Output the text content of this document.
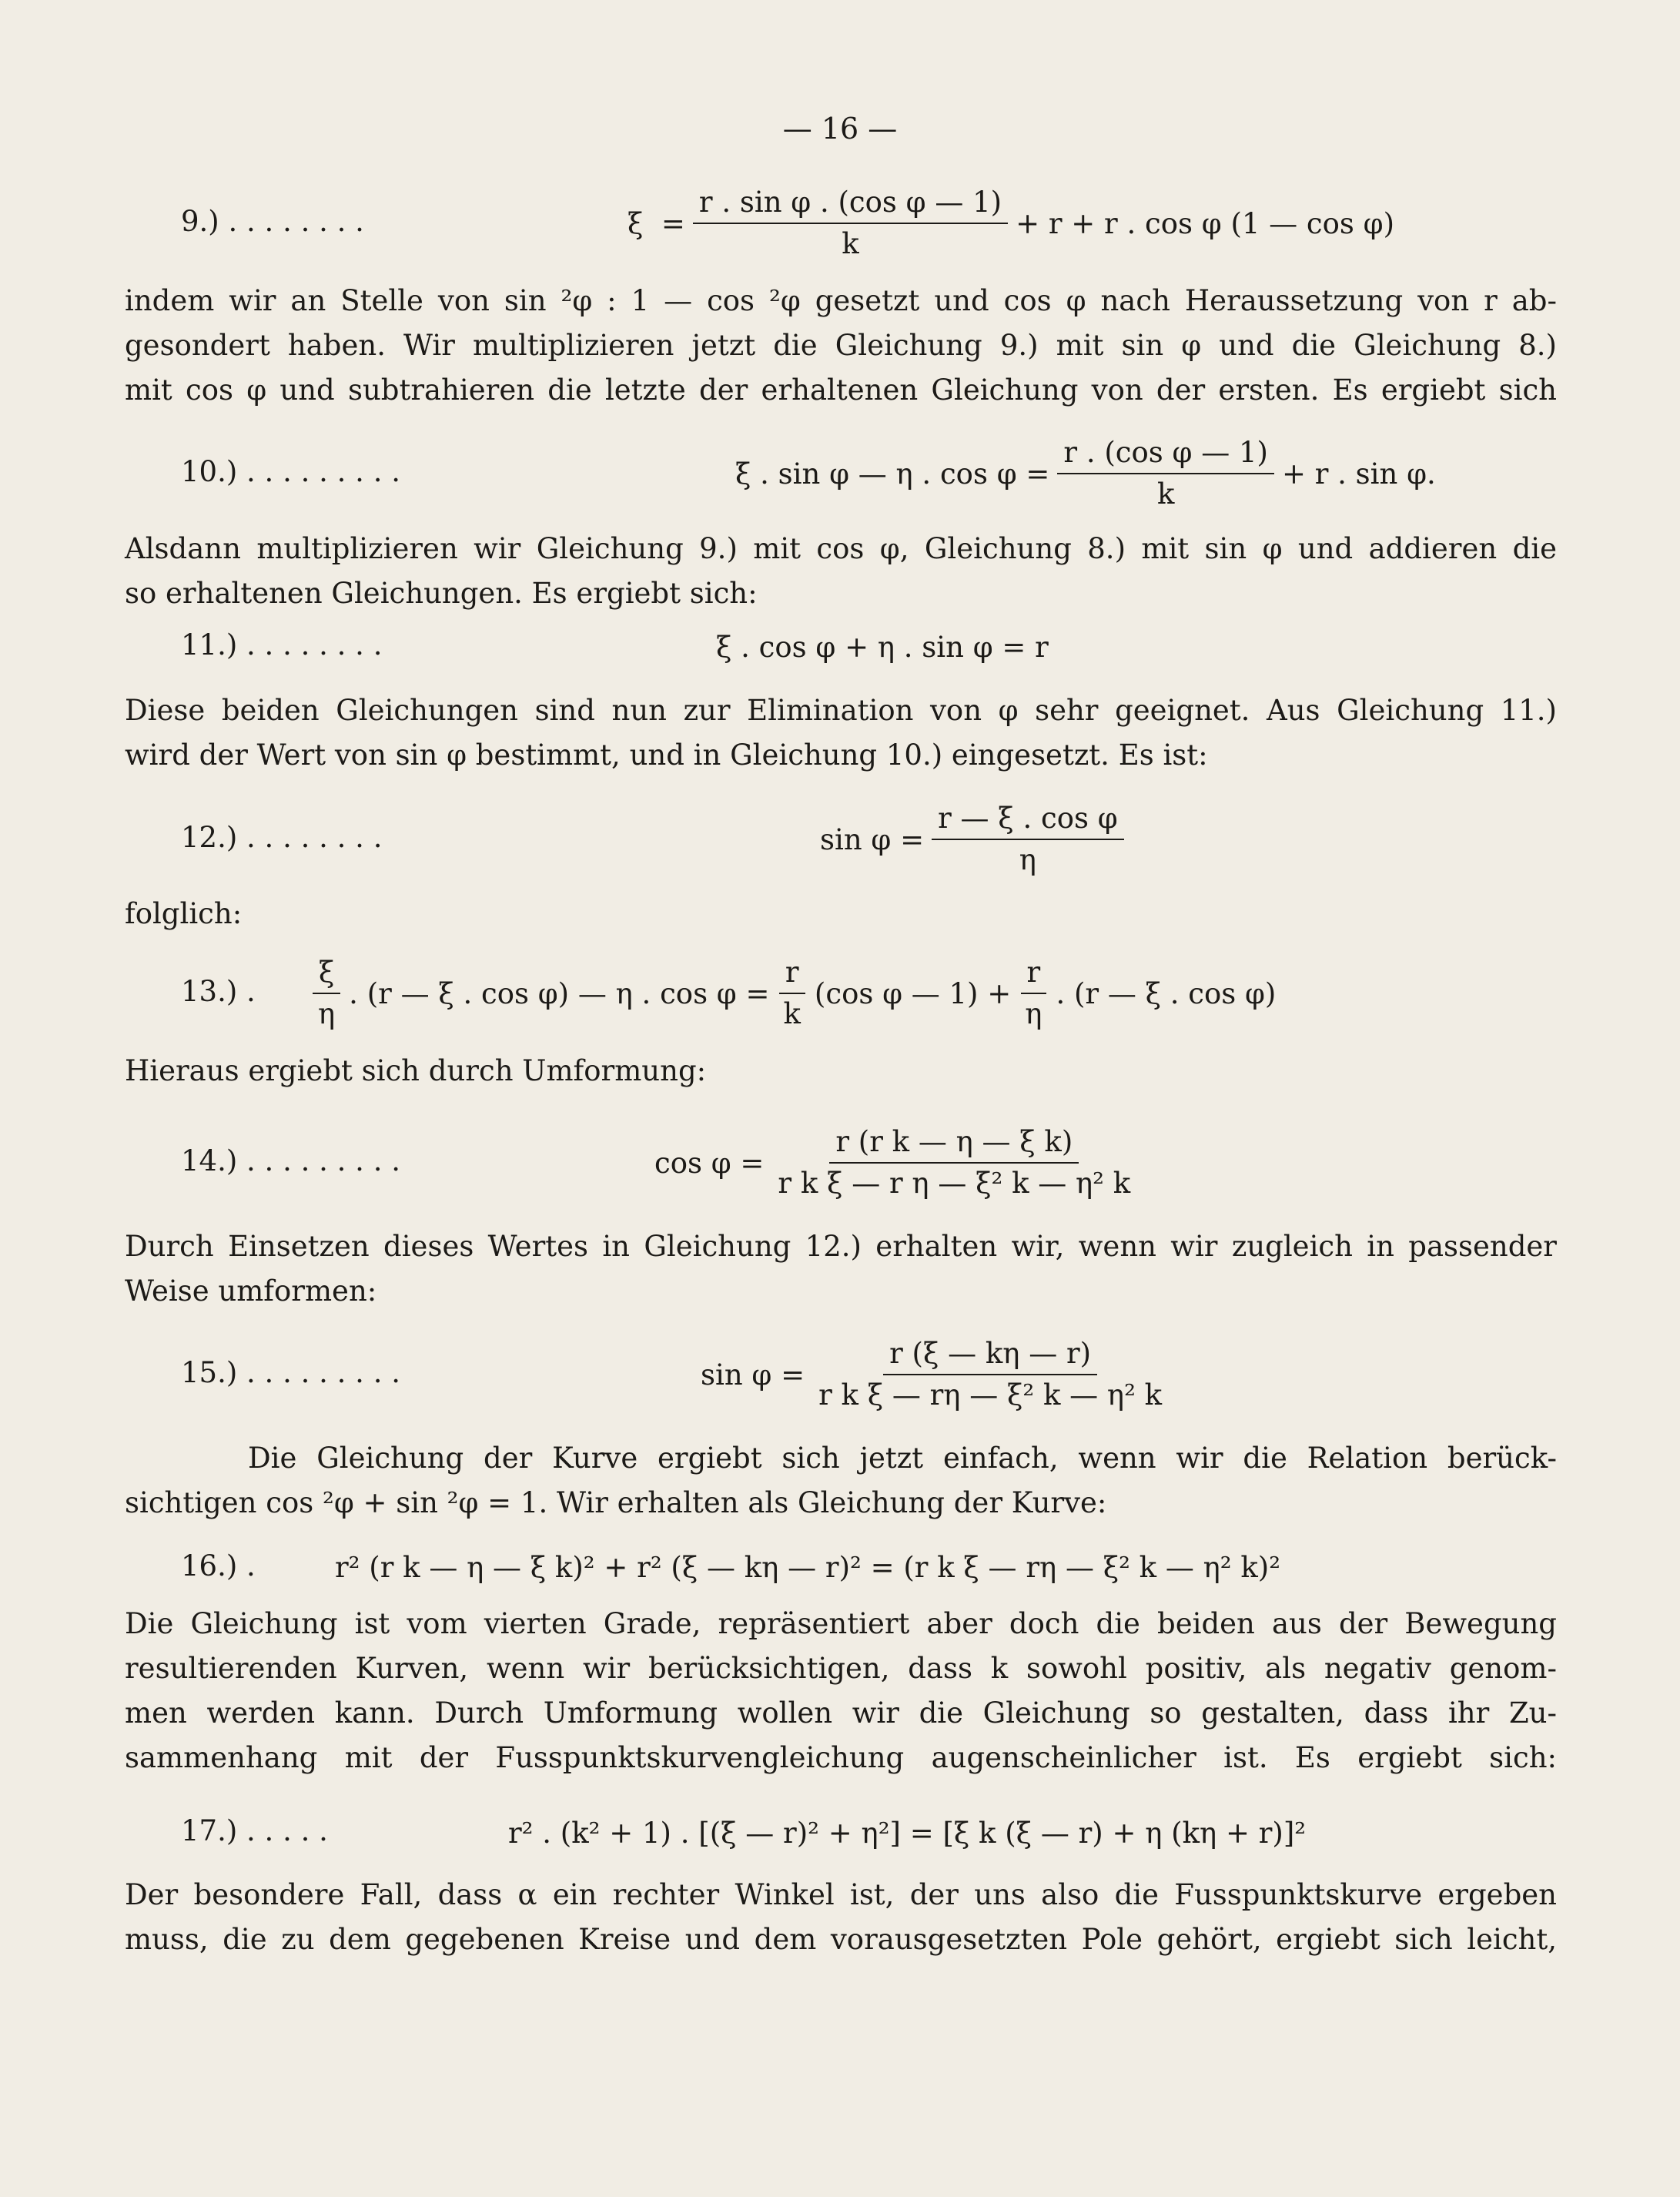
— 16 —
9.) . . . . . . . .	$\xi = \frac{\text{r . sin φ . (cos φ — 1)}}{k} + r + r$ . cos φ (1 — cos φ)
indem wir an Stelle von sin ²φ : 1 — cos ²φ gesetzt und cos φ nach Heraussetzung von r ab-
gesondert haben. Wir multiplizieren jetzt die Gleichung 9.) mit sin φ und die Gleichung 8.)
mit cos φ und subtrahieren die letzte der erhaltenen Gleichung von der ersten. Es ergiebt sich
10.) . . . . . . . . .	ξ . sin φ — η . $\cos \varphi = \frac{\text{r . (cos φ — 1)}}{k} + r$ . sin φ.
Alsdann multiplizieren wir Gleichung 9.) mit cos φ, Gleichung 8.) mit sin φ und addieren die
so erhaltenen Gleichungen. Es ergiebt sich:
11.) . . . . . . . .	ξ . cos φ + η . sin φ = r
Diese beiden Gleichungen sind nun zur Elimination von φ sehr geeignet. Aus Gleichung 11.)
wird der Wert von sin φ bestimmt, und in Gleichung 10.) eingesetzt. Es ist:
12.) . . . . . . . .	$\sin \varphi = \frac{\text{r — ξ . cos φ}}{\eta}$
folglich:
13.) . $\frac{\xi}{\eta}$ . (r — ξ . cos φ) — η . $\cos \varphi = \frac{r}{k} (\cos$ φ — $1) + \frac{r}{\eta}$ . (r — ξ . cos φ)
Hieraus ergiebt sich durch Umformung:
14.) . . . . . . . . .	$\cos \varphi = \frac{\text{r (r k — η — ξ k)}}{\text{r k ξ — r η — ξ² k — η² k}}$
Durch Einsetzen dieses Wertes in Gleichung 12.) erhalten wir, wenn wir zugleich in passender
Weise umformen:
15.) . . . . . . . . .	$\sin \varphi = \frac{r (\xi — k\eta — r)}{\text{r k ξ — rη — ξ² k — η² k}}$
Die Gleichung der Kurve ergiebt sich jetzt einfach, wenn wir die Relation berück-
sichtigen cos ²φ + sin ²φ = 1. Wir erhalten als Gleichung der Kurve:
16.) .	r² (r k — η — ξ k)² + r² (ξ — kη — r)² = (r k ξ — rη — ξ² k — η² k)²
Die Gleichung ist vom vierten Grade, repräsentiert aber doch die beiden aus der Bewegung
resultierenden Kurven, wenn wir berücksichtigen, dass k sowohl positiv, als negativ genom-
men werden kann. Durch Umformung wollen wir die Gleichung so gestalten, dass ihr Zu-
sammenhang mit der Fusspunktskurvengleichung augenscheinlicher ist. Es ergiebt sich:
17.) . . . . .	r² . (k² + 1) . [(ξ — r)² + η²] = [ξ k (ξ — r) + η (kη + r)]²
Der besondere Fall, dass α ein rechter Winkel ist, der uns also die Fusspunktskurve ergeben
muss, die zu dem gegebenen Kreise und dem vorausgesetzten Pole gehört, ergiebt sich leicht,
